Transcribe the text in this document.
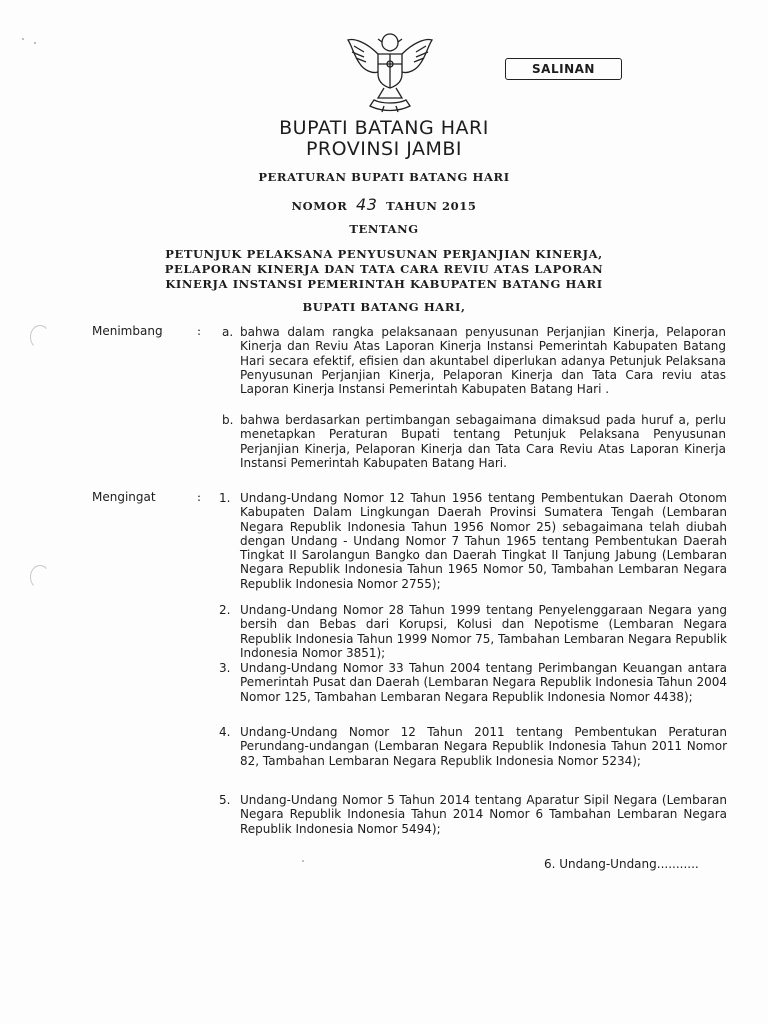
SALINAN
BUPATI BATANG HARI
PROVINSI JAMBI
PERATURAN BUPATI BATANG HARI
NOMOR 43 TAHUN 2015
TENTANG
PETUNJUK PELAKSANA PENYUSUNAN PERJANJIAN KINERJA,
PELAPORAN KINERJA DAN TATA CARA REVIU ATAS LAPORAN
KINERJA INSTANSI PEMERINTAH KABUPATEN BATANG HARI
BUPATI BATANG HARI,
Menimbang	: a. bahwa dalam rangka pelaksanaan penyusunan Perjanjian Kinerja, Pelaporan Kinerja dan Reviu Atas Laporan Kinerja Instansi Pemerintah Kabupaten Batang Hari secara efektif, efisien dan akuntabel diperlukan adanya Petunjuk Pelaksana Penyusunan Perjanjian Kinerja, Pelaporan Kinerja dan Tata Cara reviu atas Laporan Kinerja Instansi Pemerintah Kabupaten Batang Hari .
b. bahwa berdasarkan pertimbangan sebagaimana dimaksud pada huruf a, perlu menetapkan Peraturan Bupati tentang Petunjuk Pelaksana Penyusunan Perjanjian Kinerja, Pelaporan Kinerja dan Tata Cara Reviu Atas Laporan Kinerja Instansi Pemerintah Kabupaten Batang Hari.
Mengingat	: 1. Undang-Undang Nomor 12 Tahun 1956 tentang Pembentukan Daerah Otonom Kabupaten Dalam Lingkungan Daerah Provinsi Sumatera Tengah (Lembaran Negara Republik Indonesia Tahun 1956 Nomor 25) sebagaimana telah diubah dengan Undang - Undang Nomor 7 Tahun 1965 tentang Pembentukan Daerah Tingkat II Sarolangun Bangko dan Daerah Tingkat II Tanjung Jabung (Lembaran Negara Republik Indonesia Tahun 1965 Nomor 50, Tambahan Lembaran Negara Republik Indonesia Nomor 2755);
2. Undang-Undang Nomor 28 Tahun 1999 tentang Penyelenggaraan Negara yang bersih dan Bebas dari Korupsi, Kolusi dan Nepotisme (Lembaran Negara Republik Indonesia Tahun 1999 Nomor 75, Tambahan Lembaran Negara Republik Indonesia Nomor 3851);
3. Undang-Undang Nomor 33 Tahun 2004 tentang Perimbangan Keuangan antara Pemerintah Pusat dan Daerah (Lembaran Negara Republik Indonesia Tahun 2004 Nomor 125, Tambahan Lembaran Negara Republik Indonesia Nomor 4438);
4. Undang-Undang Nomor 12 Tahun 2011 tentang Pembentukan Peraturan Perundang-undangan (Lembaran Negara Republik Indonesia Tahun 2011 Nomor 82, Tambahan Lembaran Negara Republik Indonesia Nomor 5234);
5. Undang-Undang Nomor 5 Tahun 2014 tentang Aparatur Sipil Negara (Lembaran Negara Republik Indonesia Tahun 2014 Nomor 6 Tambahan Lembaran Negara Republik Indonesia Nomor 5494);
6. Undang-Undang...........
